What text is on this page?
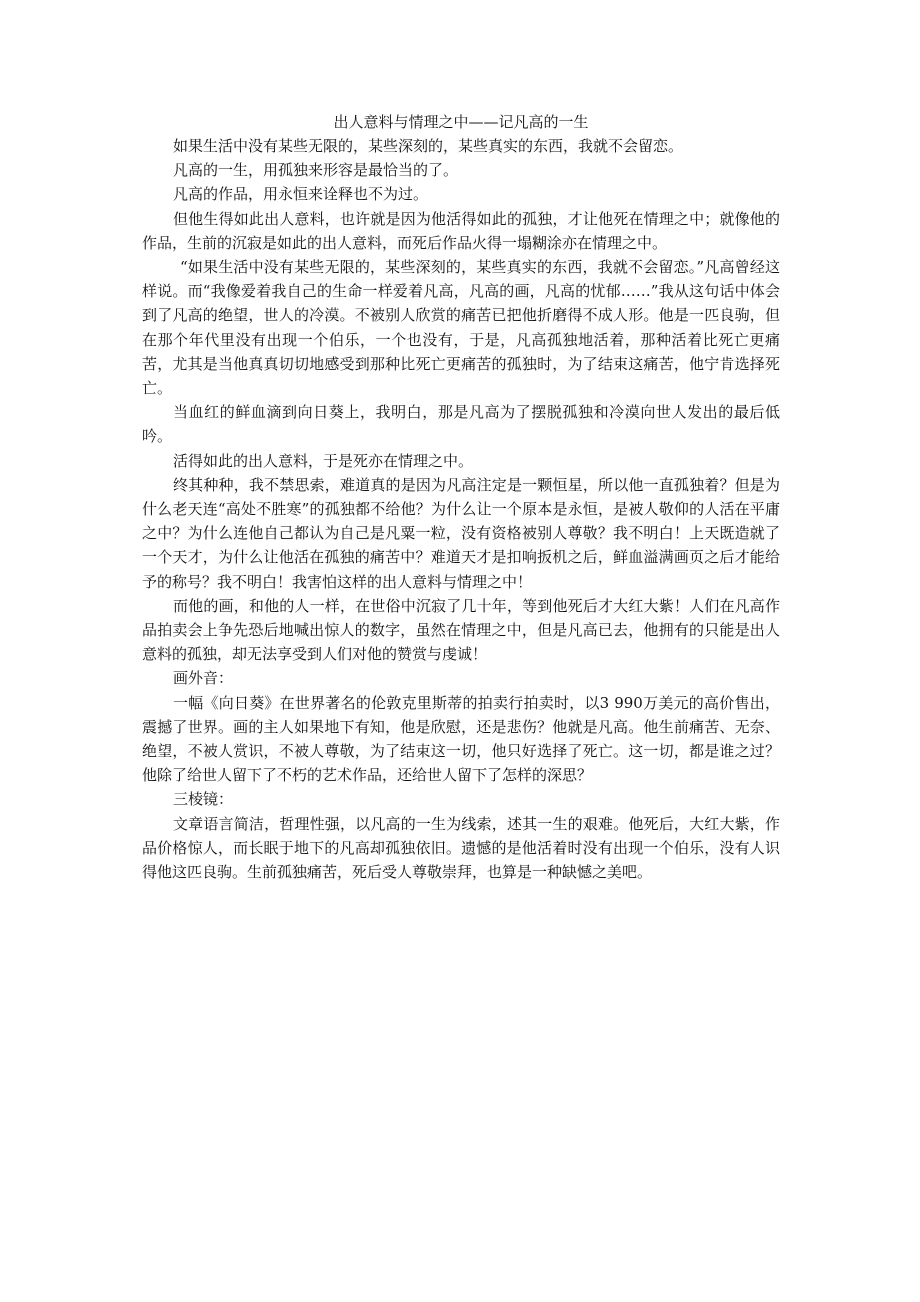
出人意料与情理之中——记凡高的一生

如果生活中没有某些无限的，某些深刻的，某些真实的东西，我就不会留恋。

凡高的一生，用孤独来形容是最恰当的了。

凡高的作品，用永恒来诠释也不为过。

但他生得如此出人意料，也许就是因为他活得如此的孤独，才让他死在情理之中；就像他的作品，生前的沉寂是如此的出人意料，而死后作品火得一塌糊涂亦在情理之中。

“如果生活中没有某些无限的，某些深刻的，某些真实的东西，我就不会留恋。”凡高曾经这样说。而“我像爱着我自己的生命一样爱着凡高，凡高的画，凡高的忧郁……”我从这句话中体会到了凡高的绝望，世人的冷漠。不被别人欣赏的痛苦已把他折磨得不成人形。他是一匹良驹，但在那个年代里没有出现一个伯乐，一个也没有，于是，凡高孤独地活着，那种活着比死亡更痛苦，尤其是当他真真切切地感受到那种比死亡更痛苦的孤独时，为了结束这痛苦，他宁肯选择死亡。

当血红的鲜血滴到向日葵上，我明白，那是凡高为了摆脱孤独和冷漠向世人发出的最后低吟。

活得如此的出人意料，于是死亦在情理之中。

终其种种，我不禁思索，难道真的是因为凡高注定是一颗恒星，所以他一直孤独着？但是为什么老天连“高处不胜寒”的孤独都不给他？为什么让一个原本是永恒，是被人敬仰的人活在平庸之中？为什么连他自己都认为自己是凡粟一粒，没有资格被别人尊敬？我不明白！上天既造就了一个天才，为什么让他活在孤独的痛苦中？难道天才是扣响扳机之后，鲜血溢满画页之后才能给予的称号？我不明白！我害怕这样的出人意料与情理之中！

而他的画，和他的人一样，在世俗中沉寂了几十年，等到他死后才大红大紫！人们在凡高作品拍卖会上争先恐后地喊出惊人的数字，虽然在情理之中，但是凡高已去，他拥有的只能是出人意料的孤独，却无法享受到人们对他的赞赏与虔诚！

画外音：

一幅《向日葵》在世界著名的伦敦克里斯蒂的拍卖行拍卖时，以3 990万美元的高价售出，震撼了世界。画的主人如果地下有知，他是欣慰，还是悲伤？他就是凡高。他生前痛苦、无奈、绝望，不被人赏识，不被人尊敬，为了结束这一切，他只好选择了死亡。这一切，都是谁之过？他除了给世人留下了不朽的艺术作品，还给世人留下了怎样的深思？

三棱镜：

文章语言简洁，哲理性强，以凡高的一生为线索，述其一生的艰难。他死后，大红大紫，作品价格惊人，而长眠于地下的凡高却孤独依旧。遗憾的是他活着时没有出现一个伯乐，没有人识得他这匹良驹。生前孤独痛苦，死后受人尊敬崇拜，也算是一种缺憾之美吧。
